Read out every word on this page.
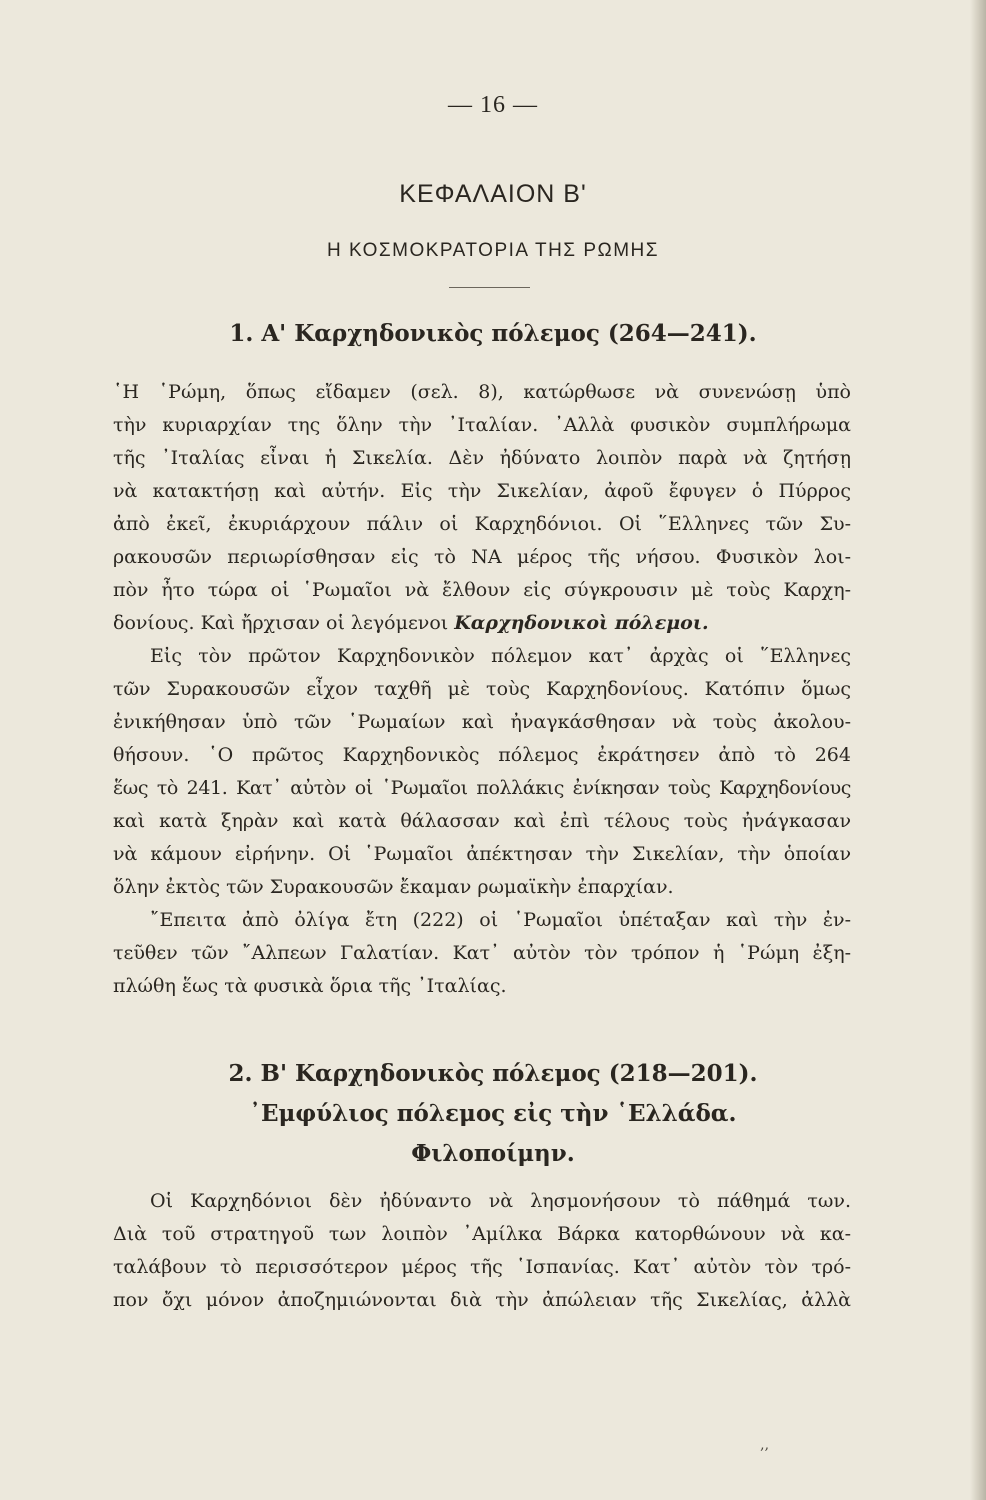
— 16 —
ΚΕΦΑΛΑΙΟΝ Β'
Η ΚΟΣΜΟΚΡΑΤΟΡΙΑ ΤΗΣ ΡΩΜΗΣ
1. Α' Καρχηδονικὸς πόλεμος (264—241).
῾Η ῾Ρώμη, ὅπως εἴδαμεν (σελ. 8), κατώρθωσε νὰ συνενώσῃ ὑπὸ
τὴν κυριαρχίαν της ὅλην τὴν ᾿Ιταλίαν. ᾿Αλλὰ φυσικὸν συμπλήρωμα
τῆς ᾿Ιταλίας εἶναι ἡ Σικελία. Δὲν ἠδύνατο λοιπὸν παρὰ νὰ ζητήσῃ
νὰ κατακτήσῃ καὶ αὐτήν. Εἰς τὴν Σικελίαν, ἀφοῦ ἔφυγεν ὁ Πύρρος
ἀπὸ ἐκεῖ, ἐκυριάρχουν πάλιν οἱ Καρχηδόνιοι. Οἱ ῞Ελληνες τῶν Συ-
ρακουσῶν περιωρίσθησαν εἰς τὸ ΝΑ μέρος τῆς νήσου. Φυσικὸν λοι-
πὸν ἦτο τώρα οἱ ῾Ρωμαῖοι νὰ ἔλθουν εἰς σύγκρουσιν μὲ τοὺς Καρχη-
δονίους. Καὶ ἤρχισαν οἱ λεγόμενοι Καρχηδονικοὶ πόλεμοι.
Εἰς τὸν πρῶτον Καρχηδονικὸν πόλεμον κατ᾿ ἀρχὰς οἱ ῞Ελληνες
τῶν Συρακουσῶν εἶχον ταχθῆ μὲ τοὺς Καρχηδονίους. Κατόπιν ὅμως
ἐνικήθησαν ὑπὸ τῶν ῾Ρωμαίων καὶ ἠναγκάσθησαν νὰ τοὺς ἀκολου-
θήσουν. ῾Ο πρῶτος Καρχηδονικὸς πόλεμος ἐκράτησεν ἀπὸ τὸ 264
ἕως τὸ 241. Κατ᾿ αὐτὸν οἱ ῾Ρωμαῖοι πολλάκις ἐνίκησαν τοὺς Καρχηδονίους
καὶ κατὰ ξηρὰν καὶ κατὰ θάλασσαν καὶ ἐπὶ τέλους τοὺς ἠνάγκασαν
νὰ κάμουν εἰρήνην. Οἱ ῾Ρωμαῖοι ἀπέκτησαν τὴν Σικελίαν, τὴν ὁποίαν
ὅλην ἐκτὸς τῶν Συρακουσῶν ἔκαμαν ρωμαϊκὴν ἐπαρχίαν.
῎Επειτα ἀπὸ ὀλίγα ἔτη (222) οἱ ῾Ρωμαῖοι ὑπέταξαν καὶ τὴν ἐν-
τεῦθεν τῶν ῎Αλπεων Γαλατίαν. Κατ᾿ αὐτὸν τὸν τρόπον ἡ ῾Ρώμη ἐξη-
πλώθη ἕως τὰ φυσικὰ ὅρια τῆς ᾿Ιταλίας.
2. Β' Καρχηδονικὸς πόλεμος (218—201).
᾿Εμφύλιος πόλεμος εἰς τὴν ῾Ελλάδα.
Φιλοποίμην.
Οἱ Καρχηδόνιοι δὲν ἠδύναντο νὰ λησμονήσουν τὸ πάθημά των.
Διὰ τοῦ στρατηγοῦ των λοιπὸν ᾿Αμίλκα Βάρκα κατορθώνουν νὰ κα-
ταλάβουν τὸ περισσότερον μέρος τῆς ῾Ισπανίας. Κατ᾿ αὐτὸν τὸν τρό-
πον ὄχι μόνον ἀποζημιώνονται διὰ τὴν ἀπώλειαν τῆς Σικελίας, ἀλλὰ
‚‚
